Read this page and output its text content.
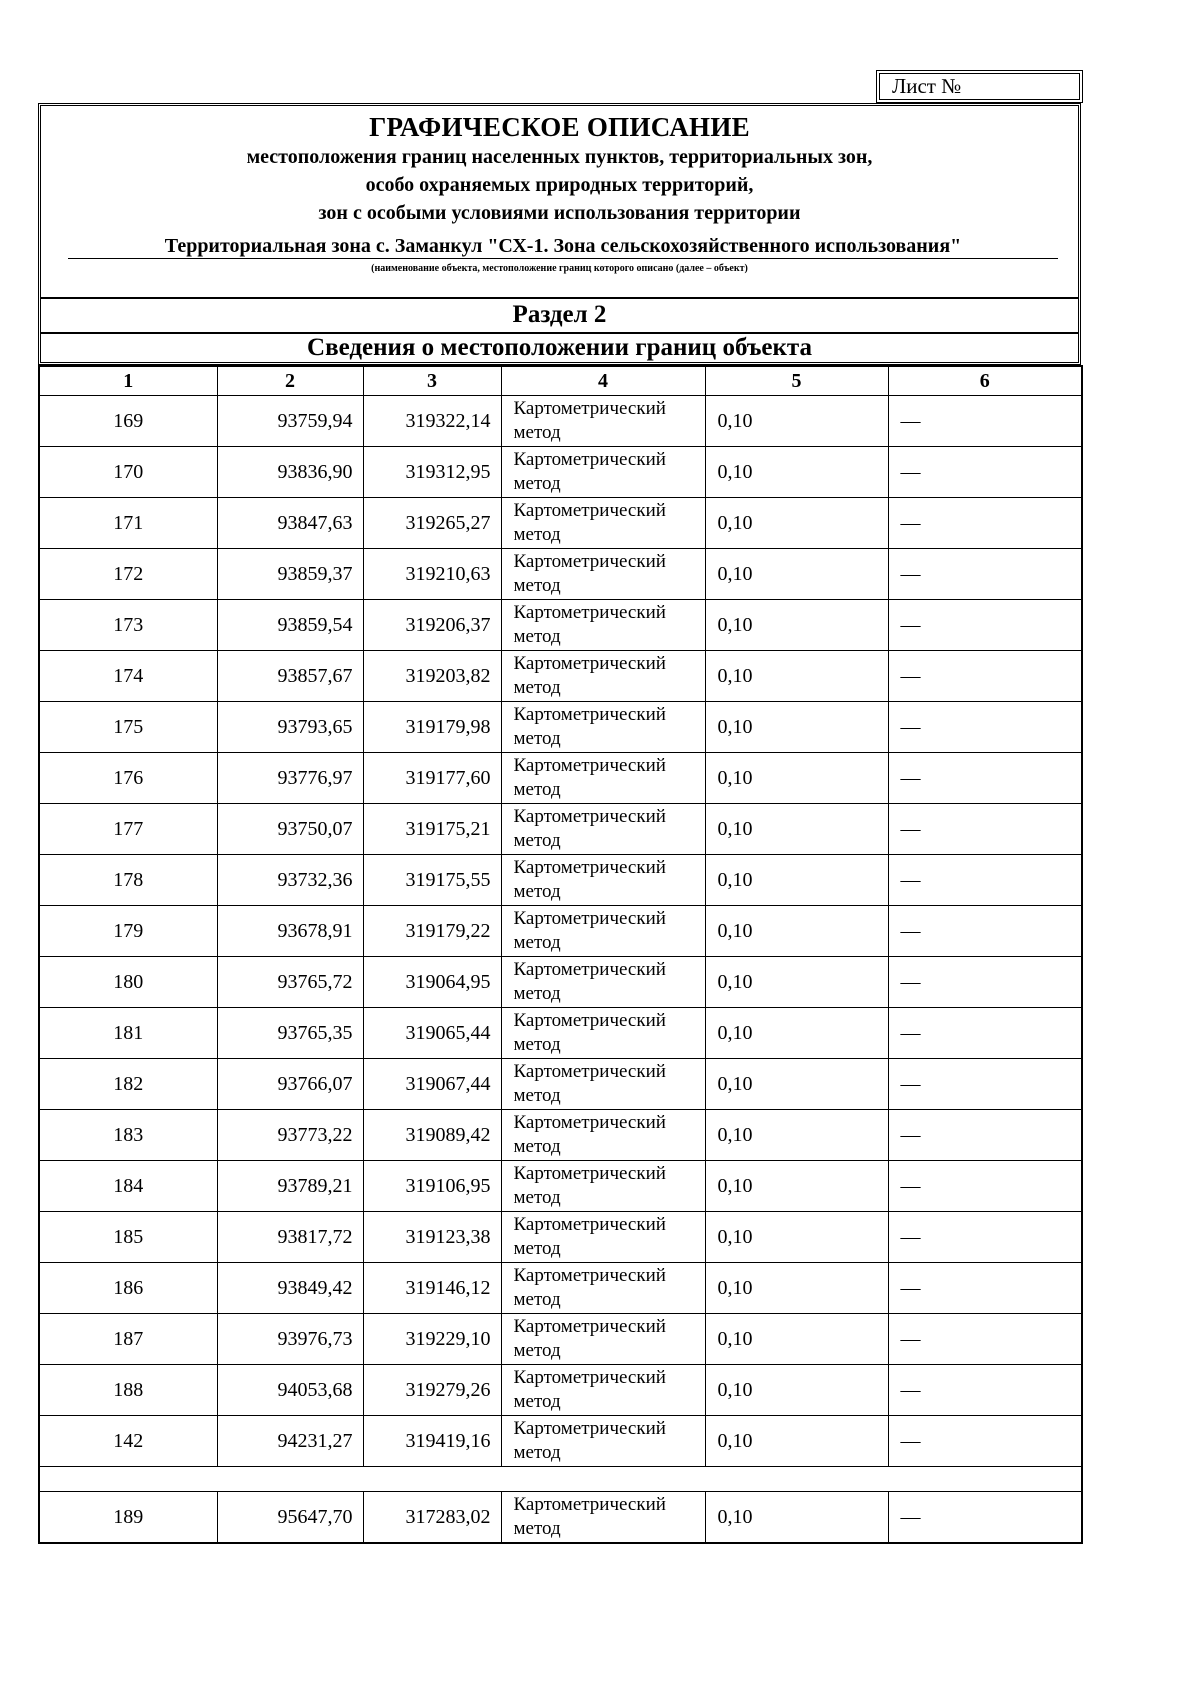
Лист №
ГРАФИЧЕСКОЕ ОПИСАНИЕ
местоположения границ населенных пунктов, территориальных зон,
особо охраняемых природных территорий,
зон с особыми условиями использования территории
Территориальная зона с. Заманкул "СХ-1. Зона сельскохозяйственного использования"
(наименование объекта, местоположение границ которого описано (далее – объект)
Раздел 2
Сведения о местоположении границ объекта
1	2	3	4	5	6
169	93759,94	319322,14	Картометрический
метод	0,10	—
170	93836,90	319312,95	Картометрический
метод	0,10	—
171	93847,63	319265,27	Картометрический
метод	0,10	—
172	93859,37	319210,63	Картометрический
метод	0,10	—
173	93859,54	319206,37	Картометрический
метод	0,10	—
174	93857,67	319203,82	Картометрический
метод	0,10	—
175	93793,65	319179,98	Картометрический
метод	0,10	—
176	93776,97	319177,60	Картометрический
метод	0,10	—
177	93750,07	319175,21	Картометрический
метод	0,10	—
178	93732,36	319175,55	Картометрический
метод	0,10	—
179	93678,91	319179,22	Картометрический
метод	0,10	—
180	93765,72	319064,95	Картометрический
метод	0,10	—
181	93765,35	319065,44	Картометрический
метод	0,10	—
182	93766,07	319067,44	Картометрический
метод	0,10	—
183	93773,22	319089,42	Картометрический
метод	0,10	—
184	93789,21	319106,95	Картометрический
метод	0,10	—
185	93817,72	319123,38	Картометрический
метод	0,10	—
186	93849,42	319146,12	Картометрический
метод	0,10	—
187	93976,73	319229,10	Картометрический
метод	0,10	—
188	94053,68	319279,26	Картометрический
метод	0,10	—
142	94231,27	319419,16	Картометрический
метод	0,10	—

189	95647,70	317283,02	Картометрический
метод	0,10	—
